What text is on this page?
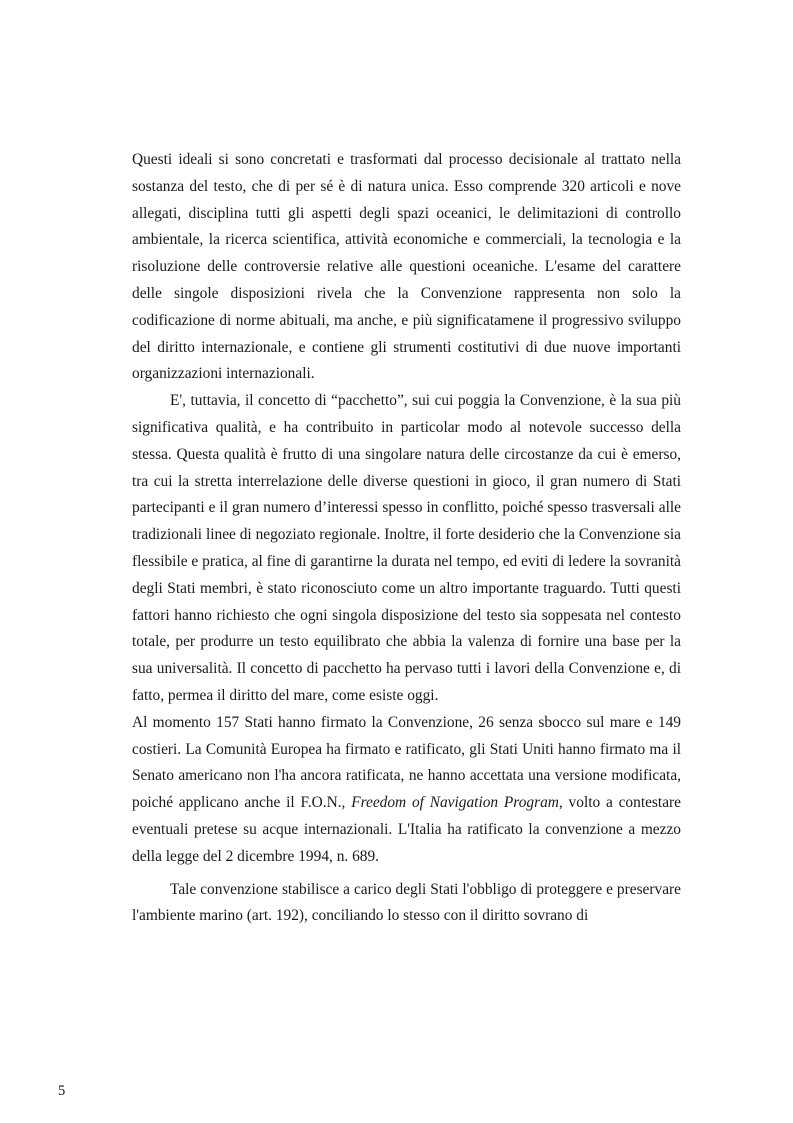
Questi ideali si sono concretati e trasformati dal processo decisionale al trattato nella sostanza del testo, che di per sé è di natura unica. Esso comprende 320 articoli e nove allegati, disciplina tutti gli aspetti degli spazi oceanici, le delimitazioni di controllo ambientale, la ricerca scientifica, attività economiche e commerciali, la tecnologia e la risoluzione delle controversie relative alle questioni oceaniche. L'esame del carattere delle singole disposizioni rivela che la Convenzione rappresenta non solo la codificazione di norme abituali, ma anche, e più significatamene il progressivo sviluppo del diritto internazionale, e contiene gli strumenti costitutivi di due nuove importanti organizzazioni internazionali.

E', tuttavia, il concetto di “pacchetto”, sui cui poggia la Convenzione, è la sua più significativa qualità, e ha contribuito in particolar modo al notevole successo della stessa. Questa qualità è frutto di una singolare natura delle circostanze da cui è emerso, tra cui la stretta interrelazione delle diverse questioni in gioco, il gran numero di Stati partecipanti e il gran numero d’interessi spesso in conflitto, poiché spesso trasversali alle tradizionali linee di negoziato regionale. Inoltre, il forte desiderio che la Convenzione sia flessibile e pratica, al fine di garantirne la durata nel tempo, ed eviti di ledere la sovranità degli Stati membri, è stato riconosciuto come un altro importante traguardo. Tutti questi fattori hanno richiesto che ogni singola disposizione del testo sia soppesata nel contesto totale, per produrre un testo equilibrato che abbia la valenza di fornire una base per la sua universalità. Il concetto di pacchetto ha pervaso tutti i lavori della Convenzione e, di fatto, permea il diritto del mare, come esiste oggi.

Al momento 157 Stati hanno firmato la Convenzione, 26 senza sbocco sul mare e 149 costieri. La Comunità Europea ha firmato e ratificato, gli Stati Uniti hanno firmato ma il Senato americano non l'ha ancora ratificata, ne hanno accettata una versione modificata, poiché applicano anche il F.O.N., Freedom of Navigation Program, volto a contestare eventuali pretese su acque internazionali. L'Italia ha ratificato la convenzione a mezzo della legge del 2 dicembre 1994, n. 689.

Tale convenzione stabilisce a carico degli Stati l'obbligo di proteggere e preservare l'ambiente marino (art. 192), conciliando lo stesso con il diritto sovrano di

5
